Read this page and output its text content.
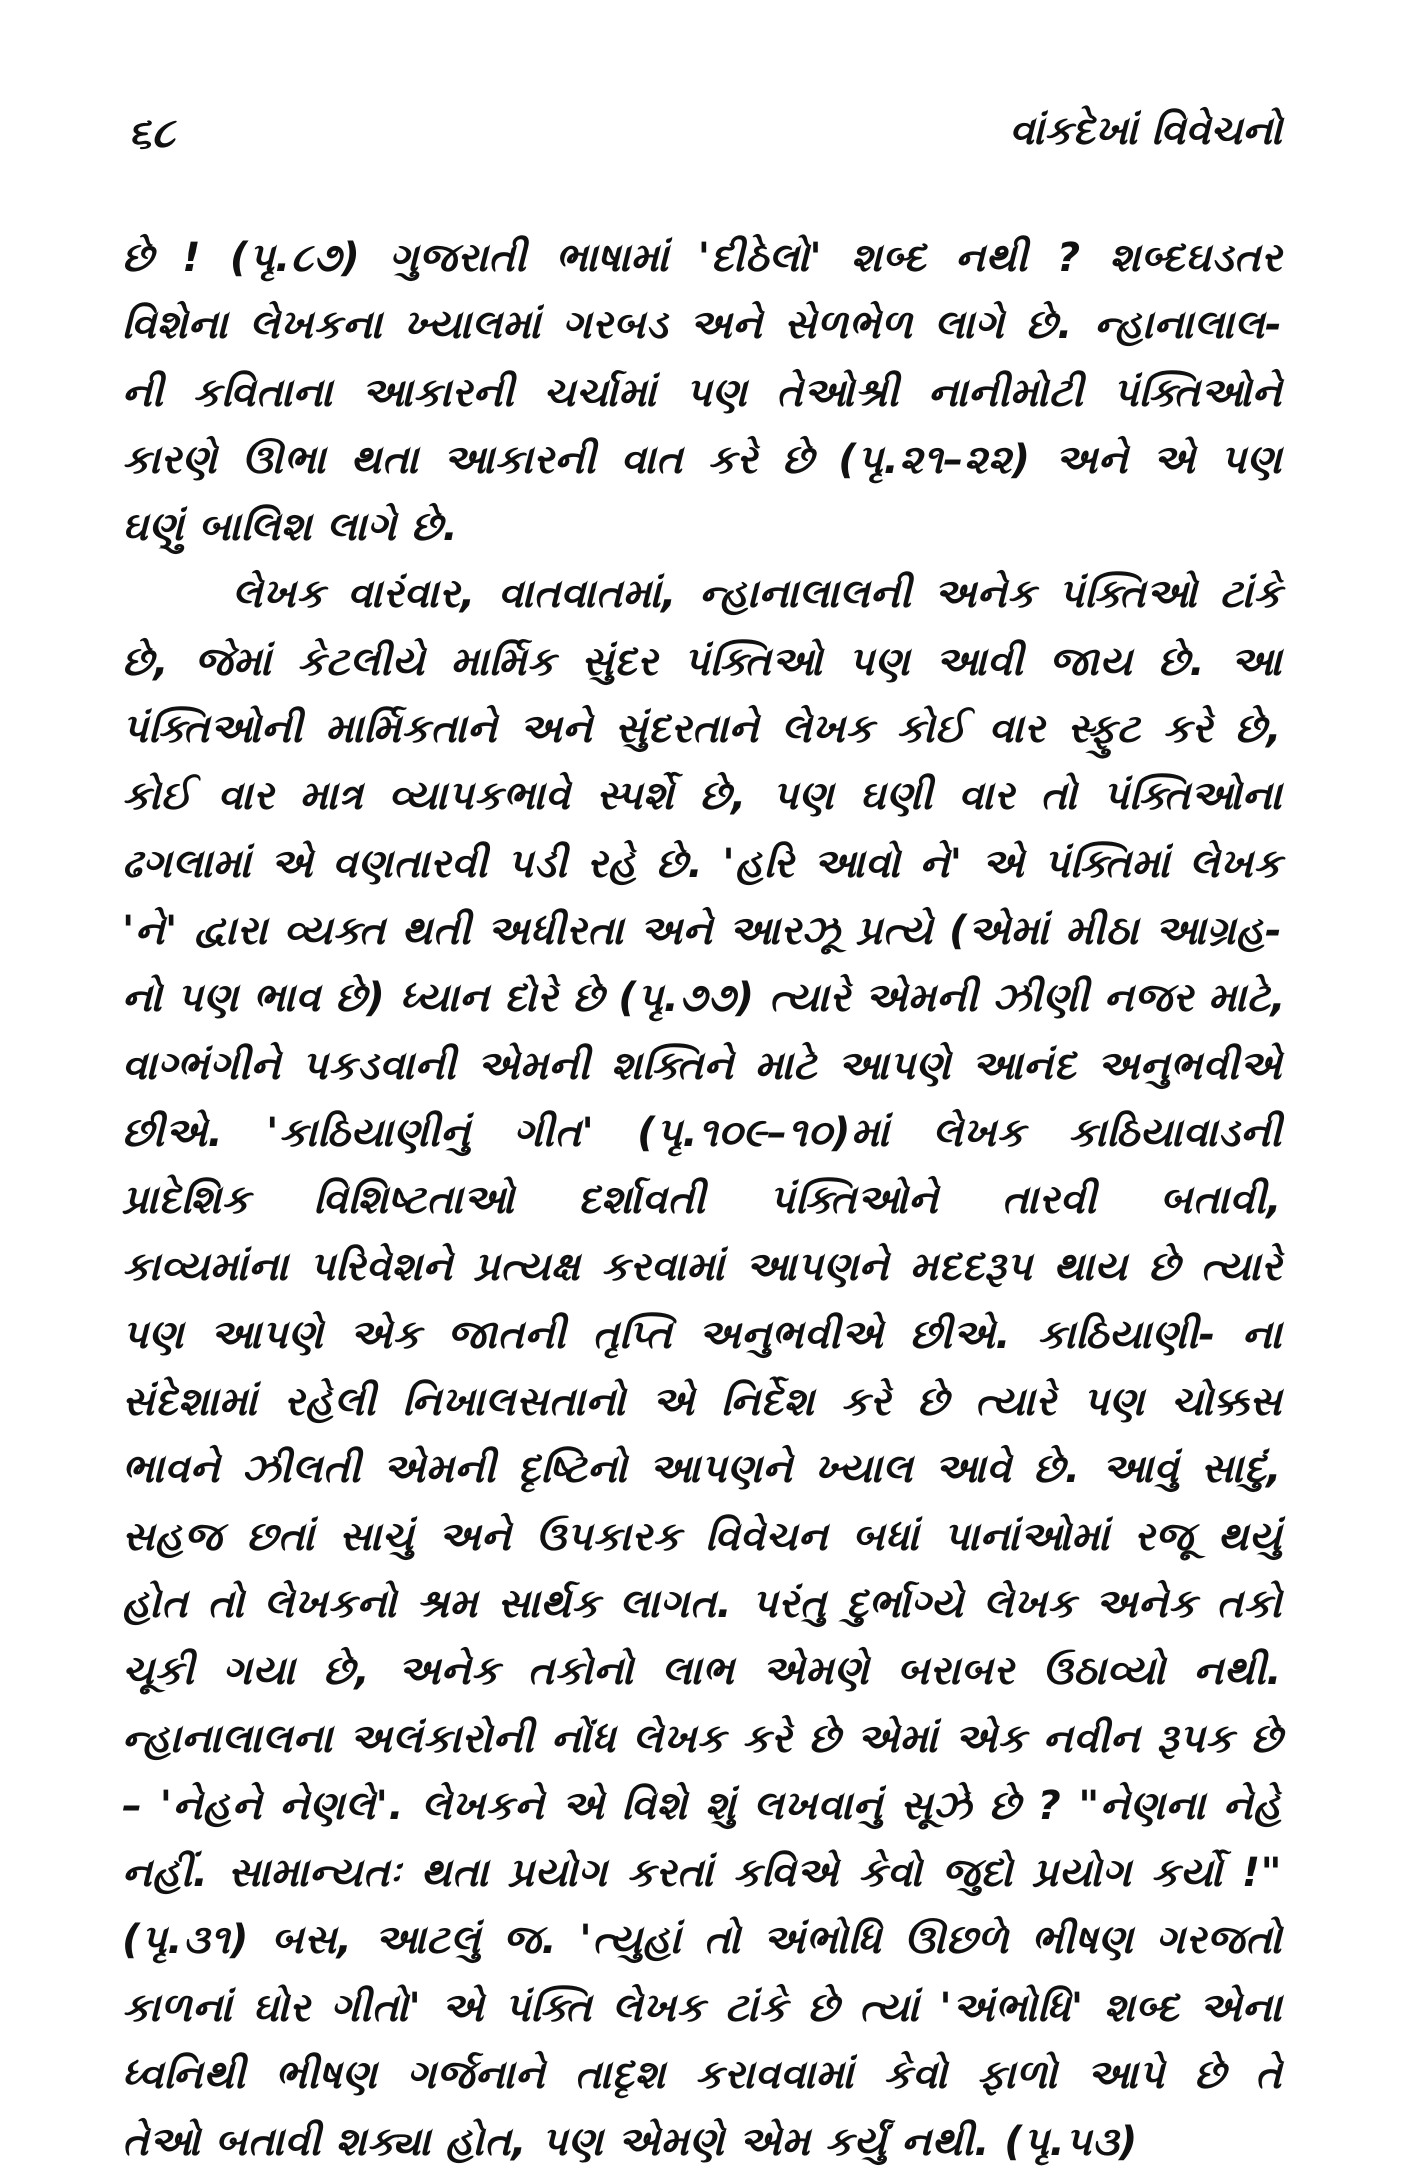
૬૮	વાંકદેખાં વિવેચનો
છે ! (પૃ.૮૭) ગુજરાતી ભાષામાં 'દીઠેલો' શબ્દ નથી ? શબ્દઘડતર
વિશેના લેખકના ખ્યાલમાં ગરબડ અને સેળભેળ લાગે છે. ન્હાનાલાલ-
ની કવિતાના આકારની ચર્ચામાં પણ તેઓશ્રી નાનીમોટી પંક્તિઓને
કારણે ઊભા થતા આકારની વાત કરે છે (પૃ.૨૧–૨૨) અને એ પણ
ઘણું બાલિશ લાગે છે.
લેખક વારંવાર, વાતવાતમાં, ન્હાનાલાલની અનેક પંક્તિઓ ટાંકે
છે, જેમાં કેટલીયે માર્મિક સુંદર પંક્તિઓ પણ આવી જાય છે. આ
પંક્તિઓની માર્મિકતાને અને સુંદરતાને લેખક કોઈ વાર સ્ફુટ કરે છે,
કોઈ વાર માત્ર વ્યાપકભાવે સ્પર્શે છે, પણ ઘણી વાર તો પંક્તિઓના
ઢગલામાં એ વણતારવી પડી રહે છે. 'હરિ આવો ને' એ પંક્તિમાં લેખક
'ને' દ્વારા વ્યક્ત થતી અધીરતા અને આરઝૂ પ્રત્યે (એમાં મીઠા આગ્રહ-
નો પણ ભાવ છે) ધ્યાન દોરે છે (પૃ.૭૭) ત્યારે એમની ઝીણી નજર માટે,
વાગ્ભંગીને પકડવાની એમની શક્તિને માટે આપણે આનંદ અનુભવીએ
છીએ. 'કાઠિયાણીનું ગીત' (પૃ.૧૦૯–૧૦)માં લેખક કાઠિયાવાડની
પ્રાદેશિક વિશિષ્ટતાઓ દર્શાવતી પંક્તિઓને તારવી બતાવી,
કાવ્યમાંના પરિવેશને પ્રત્યક્ષ કરવામાં આપણને મદદરૂપ થાય છે ત્યારે
પણ આપણે એક જાતની તૃપ્તિ અનુભવીએ છીએ. કાઠિયાણી- ના
સંદેશામાં રહેલી નિખાલસતાનો એ નિર્દેશ કરે છે ત્યારે પણ ચોક્કસ
ભાવને ઝીલતી એમની દૃષ્ટિનો આપણને ખ્યાલ આવે છે. આવું સાદું,
સહજ છતાં સાચું અને ઉપકારક વિવેચન બધાં પાનાંઓમાં રજૂ થયું
હોત તો લેખકનો શ્રમ સાર્થક લાગત. પરંતુ દુર્ભાગ્યે લેખક અનેક તકો
ચૂકી ગયા છે, અનેક તકોનો લાભ એમણે બરાબર ઉઠાવ્યો નથી.
ન્હાનાલાલના અલંકારોની નોંધ લેખક કરે છે એમાં એક નવીન રૂપક છે
– 'નેહને નેણલે'. લેખકને એ વિશે શું લખવાનું સૂઝે છે ? "નેણના નેહે
નહીં. સામાન્યતઃ થતા પ્રયોગ કરતાં કવિએ કેવો જુદો પ્રયોગ કર્યો !"
(પૃ.૩૧) બસ, આટલું જ. 'ત્યુહાં તો અંભોધિ ઊછળે ભીષણ ગરજતો
કાળનાં ઘોર ગીતો' એ પંક્તિ લેખક ટાંકે છે ત્યાં 'અંભોધિ' શબ્દ એના
ધ્વનિથી ભીષણ ગર્જનાને તાદૃશ કરાવવામાં કેવો ફાળો આપે છે તે
તેઓ બતાવી શક્યા હોત, પણ એમણે એમ કર્યું નથી. (પૃ.૫૩)
